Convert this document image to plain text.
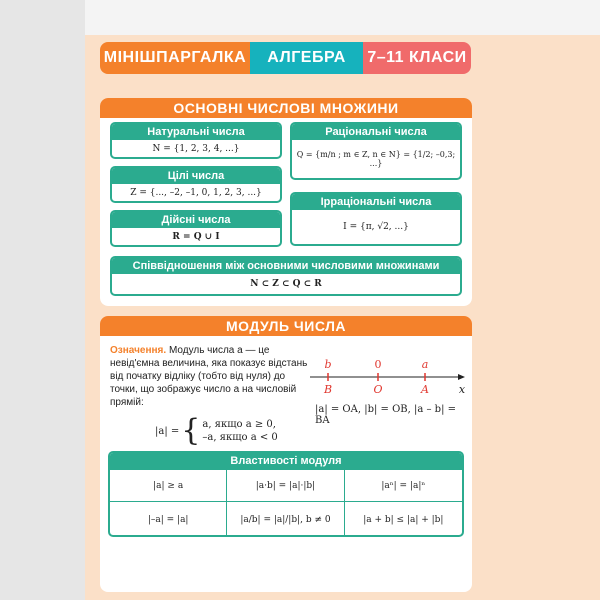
МІНІШПАРГАЛКА	АЛГЕБРА	7–11 КЛАСИ
ОСНОВНІ ЧИСЛОВІ МНОЖИНИ
Натуральні числа
N = {1, 2, 3, 4, ...}
Цілі числа
Z = {..., –2, –1, 0, 1, 2, 3, ...}
Дійсні числа
R = Q ∪ I
Раціональні числа
Q = {m/n ; m ∈ Z, n ∈ N} = {1/2; –0,3; ...}
Ірраціональні числа
I = {π, √2, ...}
Співвідношення між основними числовими множинами
N ⊂ Z ⊂ Q ⊂ R
МОДУЛЬ ЧИСЛА
Означення. Модуль числа a — це невід'ємна величина, яка показує відстань від початку відліку (тобто від нуля) до точки, що зображує число a на числовій прямій:
|a| = { a, якщо a ≥ 0,
–a, якщо a < 0
b	0	a
B	O	A	x
|a| = OA, |b| = OB, |a – b| = BA
Властивості модуля
|a| ≥ a	|a·b| = |a|·|b|	|aⁿ| = |a|ⁿ
|–a| = |a|	|a/b| = |a|/|b|, b ≠ 0	|a + b| ≤ |a| + |b|
